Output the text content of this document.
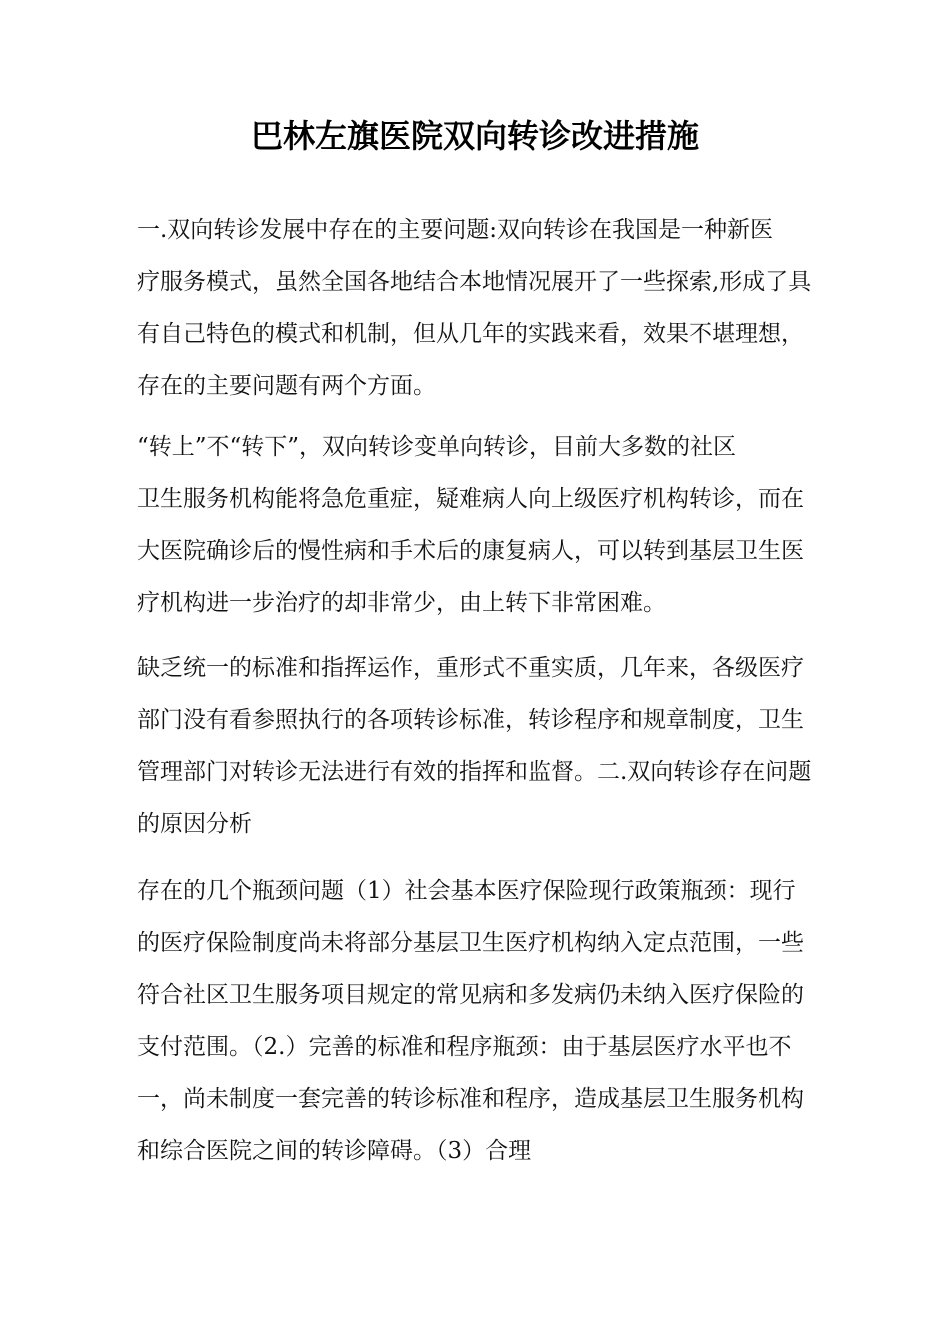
巴林左旗医院双向转诊改进措施

一.双向转诊发展中存在的主要问题:双向转诊在我国是一种新医
疗服务模式，虽然全国各地结合本地情况展开了一些探索,形成了具
有自己特色的模式和机制，但从几年的实践来看，效果不堪理想，
存在的主要问题有两个方面。

“转上”不“转下”，双向转诊变单向转诊，目前大多数的社区
卫生服务机构能将急危重症，疑难病人向上级医疗机构转诊，而在
大医院确诊后的慢性病和手术后的康复病人，可以转到基层卫生医
疗机构进一步治疗的却非常少，由上转下非常困难。

缺乏统一的标准和指挥运作，重形式不重实质，几年来，各级医疗
部门没有看参照执行的各项转诊标准，转诊程序和规章制度，卫生
管理部门对转诊无法进行有效的指挥和监督。二.双向转诊存在问题
的原因分析

存在的几个瓶颈问题（1）社会基本医疗保险现行政策瓶颈：现行
的医疗保险制度尚未将部分基层卫生医疗机构纳入定点范围，一些
符合社区卫生服务项目规定的常见病和多发病仍未纳入医疗保险的
支付范围。（2.）完善的标准和程序瓶颈：由于基层医疗水平也不
一，尚未制度一套完善的转诊标准和程序，造成基层卫生服务机构
和综合医院之间的转诊障碍。（3）合理
